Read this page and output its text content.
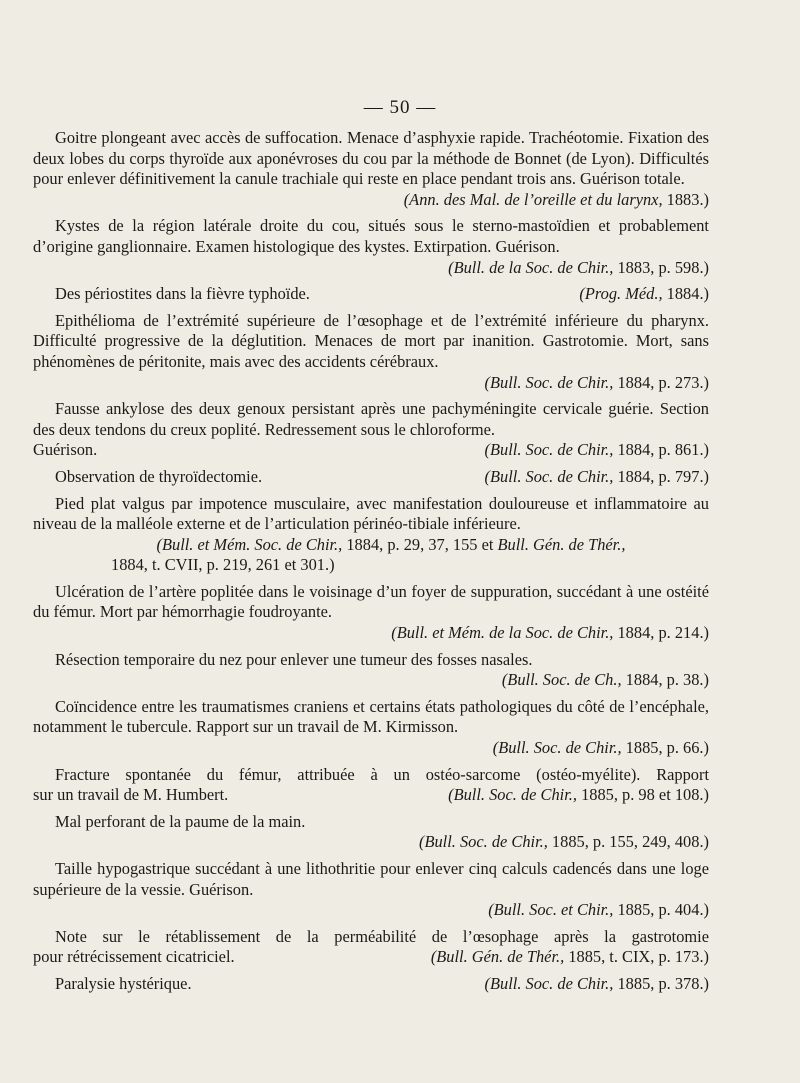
— 50 —
Goitre plongeant avec accès de suffocation. Menace d’asphyxie rapide. Trachéotomie. Fixation des deux lobes du corps thyroïde aux aponévroses du cou par la méthode de Bonnet (de Lyon). Difficultés pour enlever définitivement la canule trachiale qui reste en place pendant trois ans. Guérison totale.
(Ann. des Mal. de l’oreille et du larynx, 1883.)
Kystes de la région latérale droite du cou, situés sous le sterno-mastoïdien et probablement d’origine ganglionnaire. Examen histologique des kystes. Extirpation. Guérison.
(Bull. de la Soc. de Chir., 1883, p. 598.)
Des périostites dans la fièvre typhoïde.	(Prog. Méd., 1884.)
Epithélioma de l’extrémité supérieure de l’œsophage et de l’extrémité inférieure du pharynx. Difficulté progressive de la déglutition. Menaces de mort par inanition. Gastrotomie. Mort, sans phénomènes de péritonite, mais avec des accidents cérébraux.
(Bull. Soc. de Chir., 1884, p. 273.)
Fausse ankylose des deux genoux persistant après une pachyméningite cervicale guérie. Section des deux tendons du creux poplité. Redressement sous le chloroforme.
Guérison.	(Bull. Soc. de Chir., 1884, p. 861.)
Observation de thyroïdectomie.	(Bull. Soc. de Chir., 1884, p. 797.)
Pied plat valgus par impotence musculaire, avec manifestation douloureuse et inflammatoire au niveau de la malléole externe et de l’articulation périnéo-tibiale inférieure.
(Bull. et Mém. Soc. de Chir., 1884, p. 29, 37, 155 et Bull. Gén. de Thér.,
1884, t. CVII, p. 219, 261 et 301.)
Ulcération de l’artère poplitée dans le voisinage d’un foyer de suppuration, succédant à une ostéité du fémur. Mort par hémorrhagie foudroyante.
(Bull. et Mém. de la Soc. de Chir., 1884, p. 214.)
Résection temporaire du nez pour enlever une tumeur des fosses nasales.
(Bull. Soc. de Ch., 1884, p. 38.)
Coïncidence entre les traumatismes craniens et certains états pathologiques du côté de l’encéphale, notamment le tubercule. Rapport sur un travail de M. Kirmisson.
(Bull. Soc. de Chir., 1885, p. 66.)
Fracture spontanée du fémur, attribuée à un ostéo-sarcome (ostéo-myélite). Rapport
sur un travail de M. Humbert.	(Bull. Soc. de Chir., 1885, p. 98 et 108.)
Mal perforant de la paume de la main.
(Bull. Soc. de Chir., 1885, p. 155, 249, 408.)
Taille hypogastrique succédant à une lithothritie pour enlever cinq calculs cadencés dans une loge supérieure de la vessie. Guérison.
(Bull. Soc. et Chir., 1885, p. 404.)
Note sur le rétablissement de la perméabilité de l’œsophage après la gastrotomie
pour rétrécissement cicatriciel.	(Bull. Gén. de Thér., 1885, t. CIX, p. 173.)
Paralysie hystérique.	(Bull. Soc. de Chir., 1885, p. 378.)
